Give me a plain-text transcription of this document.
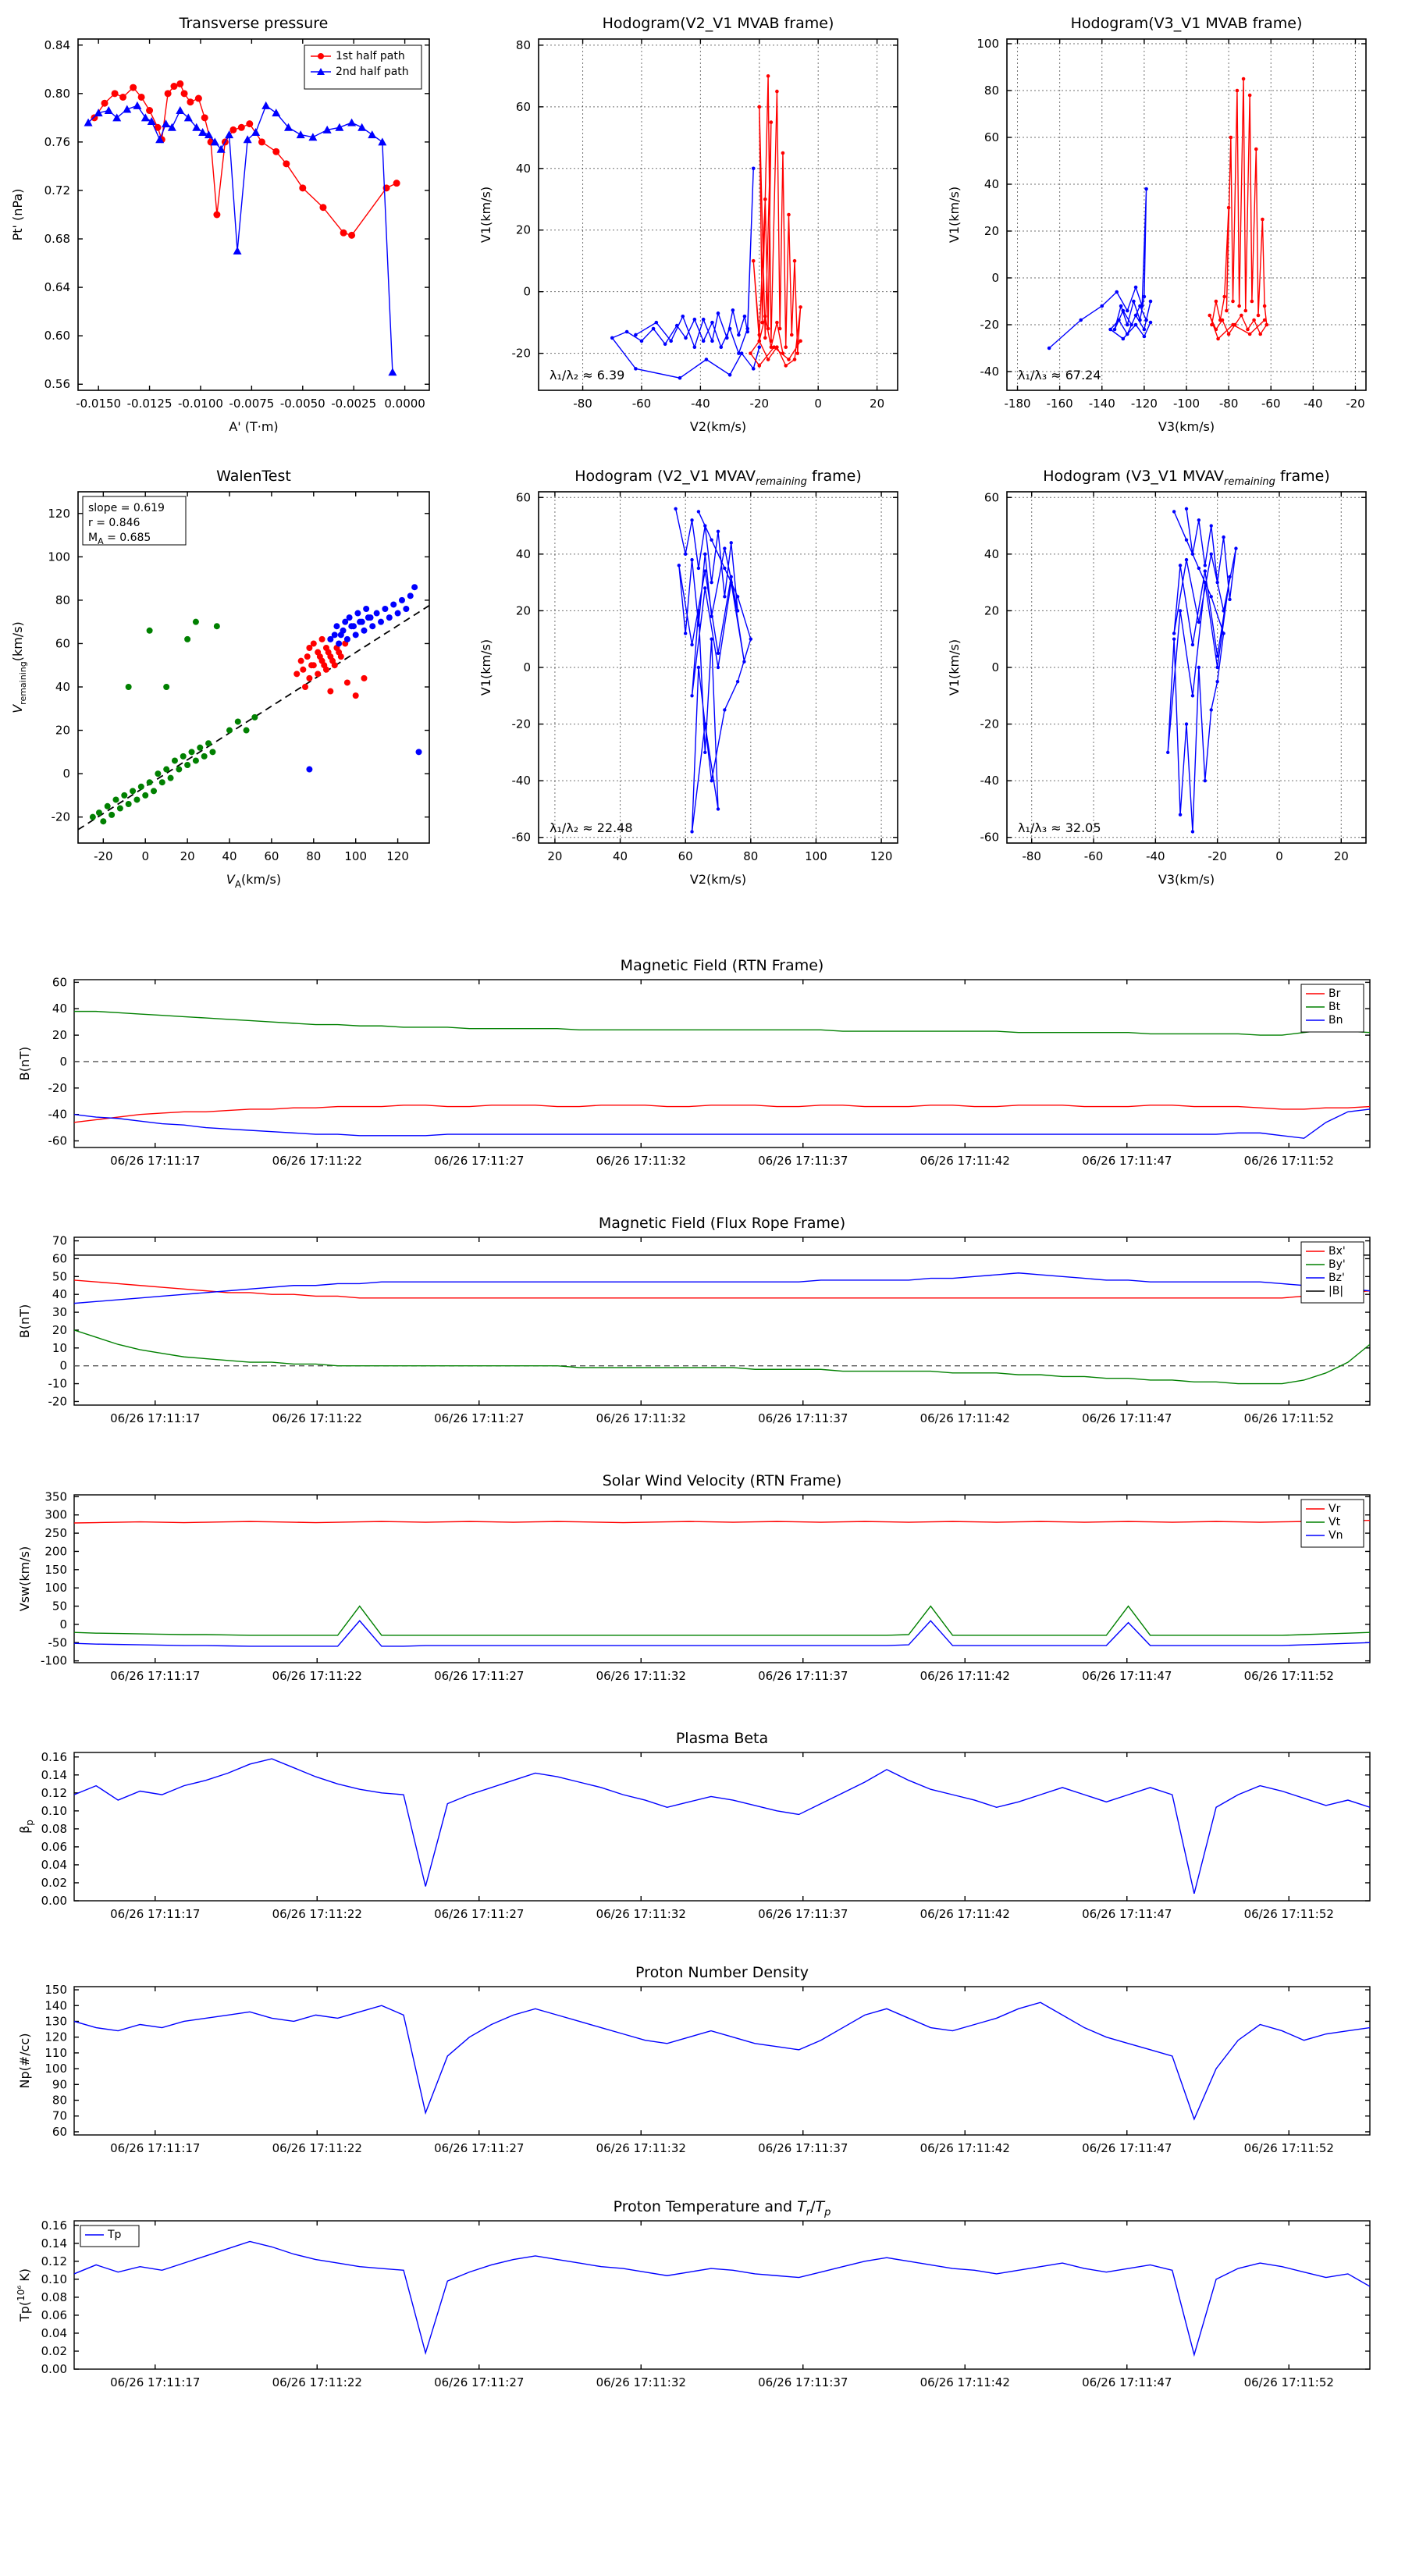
Transverse pressure
-0.0150 -0.0125 -0.0100 -0.0075 -0.0050 -0.0025 0.0000
0.56
0.60
0.64
0.68
0.72
0.76
0.80
0.84
A' (T·m)
Pt' (nPa)
1st half path
2nd half path
Hodogram(V2_V1 MVAB frame)
-80	-60	-40	-20	0	20
-20
0
20
40
60
80
V2(km/s)
V1(km/s)
λ₁/λ₂ ≈ 6.39
Hodogram(V3_V1 MVAB frame)
-180 -160 -140 -120 -100 -80 -60 -40 -20
-40
-20
0
20
40
60
80
100
V3(km/s)
V1(km/s)
λ₁/λ₃ ≈ 67.24
WalenTest
-20 0	20 40 60 80 100 120
-20
0
20
40
60
80
100
120
$V_A(km/s)$
$V_{remaining}(km/s)$
slope = 0.619
r = 0.846
$M_A = 0.685$
Hodogram (V2_V1 $MVAV_{remaining}$ frame)
20	40	60	80	100	120
-60
-40
-20
0
20
40
60
V2(km/s)
V1(km/s)
λ₁/λ₂ ≈ 22.48
Hodogram (V3_V1 $MVAV_{remaining}$ frame)
-80	-60	-40	-20	0	20
-60
-40
-20
0
20
40
60
V3(km/s)
V1(km/s)
λ₁/λ₃ ≈ 32.05
Magnetic Field (RTN Frame)
-60
-40
-20
0
20
40
60
06/26 17:11:17	06/26 17:11:22	06/26 17:11:27	06/26 17:11:32	06/26 17:11:37	06/26 17:11:42	06/26 17:11:47	06/26 17:11:52
B(nT)
Br
Bt
Bn
Magnetic Field (Flux Rope Frame)
-20
-10
0
10
20
30
40
50
60
70
06/26 17:11:17	06/26 17:11:22	06/26 17:11:27	06/26 17:11:32	06/26 17:11:37	06/26 17:11:42	06/26 17:11:47	06/26 17:11:52
B(nT)
Bx'
By'
Bz'
|B|
Solar Wind Velocity (RTN Frame)
-100
-50
0
50
100
150
200
250
300
350
06/26 17:11:17	06/26 17:11:22	06/26 17:11:27	06/26 17:11:32	06/26 17:11:37	06/26 17:11:42	06/26 17:11:47	06/26 17:11:52
Vsw(km/s)
Vr
Vt
Vn
Plasma Beta
0.00
0.02
0.04
0.06
0.08
0.10
0.12
0.14
0.16
06/26 17:11:17	06/26 17:11:22	06/26 17:11:27	06/26 17:11:32	06/26 17:11:37	06/26 17:11:42	06/26 17:11:47	06/26 17:11:52
$\beta_p$
Proton Number Density
60
70
80
90
100
110
120
130
140
150
06/26 17:11:17	06/26 17:11:22	06/26 17:11:27	06/26 17:11:32	06/26 17:11:37	06/26 17:11:42	06/26 17:11:47	06/26 17:11:52
Np(#/cc)
Proton Temperature and $T_r/T_p$
0.00
0.02
0.04
0.06
0.08
0.10
0.12
0.14
0.16
06/26 17:11:17	06/26 17:11:22	06/26 17:11:27	06/26 17:11:32	06/26 17:11:37	06/26 17:11:42	06/26 17:11:47	06/26 17:11:52
Tp($^{10^6}$ K)
Tp
